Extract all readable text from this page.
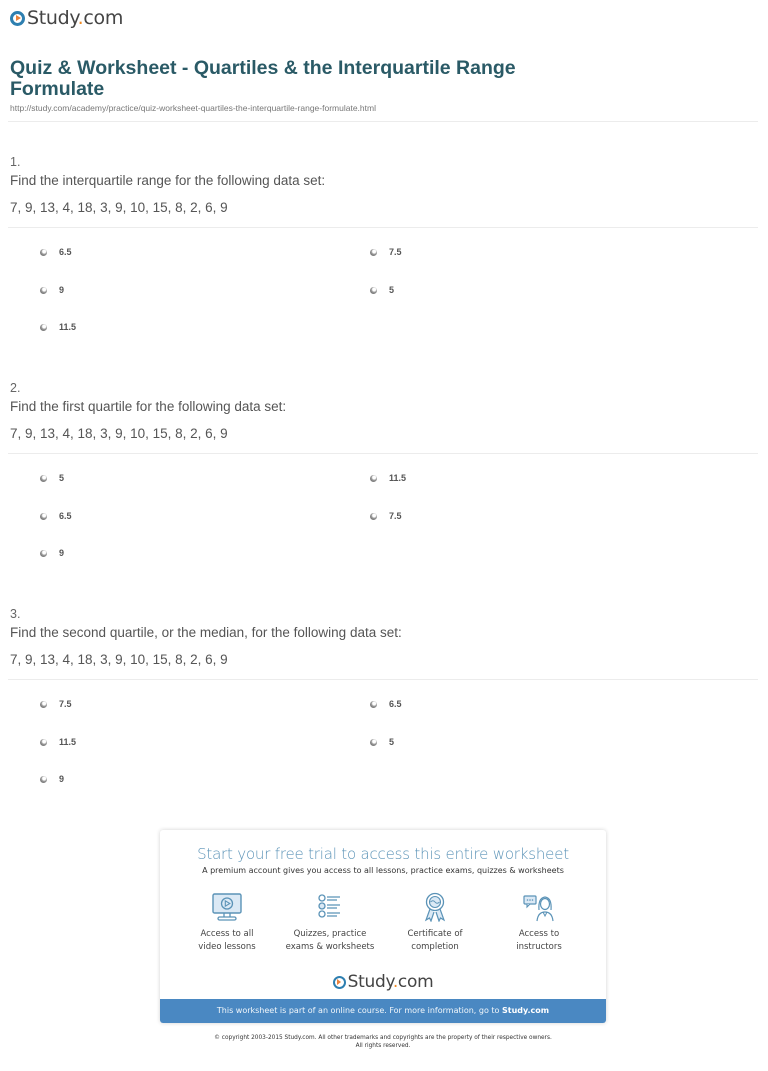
Study.com
Quiz & Worksheet - Quartiles & the Interquartile Range Formulate
http://study.com/academy/practice/quiz-worksheet-quartiles-the-interquartile-range-formulate.html
1.
Find the interquartile range for the following data set:
7, 9, 13, 4, 18, 3, 9, 10, 15, 8, 2, 6, 9
6.5	7.5
9	5
11.5
2.
Find the first quartile for the following data set:
7, 9, 13, 4, 18, 3, 9, 10, 15, 8, 2, 6, 9
5	11.5
6.5	7.5
9
3.
Find the second quartile, or the median, for the following data set:
7, 9, 13, 4, 18, 3, 9, 10, 15, 8, 2, 6, 9
7.5	6.5
11.5	5
9
Start your free trial to access this entire worksheet
A premium account gives you access to all lessons, practice exams, quizzes & worksheets
Access to all
video lessons
Quizzes, practice
exams & worksheets
Certificate of
completion
Access to
instructors
Study.com
This worksheet is part of an online course. For more information, go to Study.com
© copyright 2003-2015 Study.com. All other trademarks and copyrights are the property of their respective owners.
All rights reserved.
